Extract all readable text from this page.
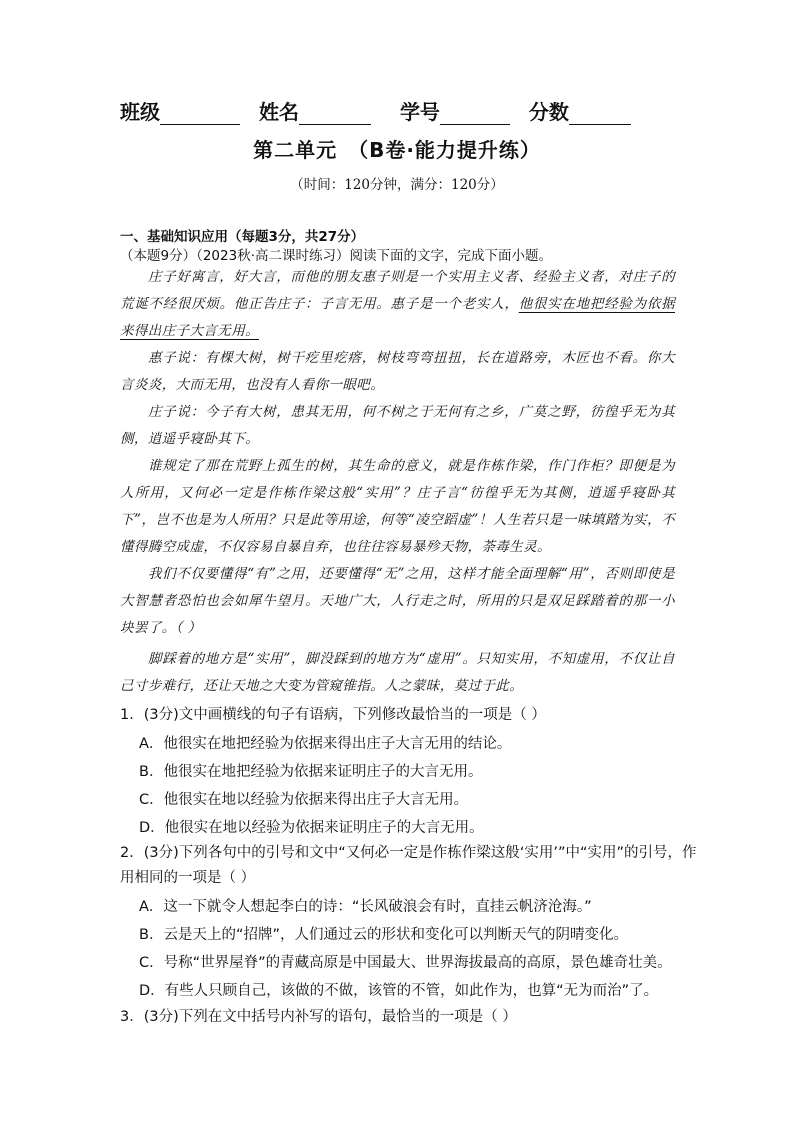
班级	姓名	学号	分数
第二单元　（B卷·能力提升练）
（时间：120分钟，满分：120分）
一、基础知识应用（每题3分，共27分）
（本题9分）（2023秋·高二课时练习）阅读下面的文字，完成下面小题。
庄子好寓言，好大言，而他的朋友惠子则是一个实用主义者、经验主义者，对庄子的荒诞不经很厌烦。他正告庄子：子言无用。惠子是一个老实人，他很实在地把经验为依据来得出庄子大言无用。
惠子说：有棵大树，树干疙里疙瘩，树枝弯弯扭扭，长在道路旁，木匠也不看。你大言炎炎，大而无用，也没有人看你一眼吧。
庄子说：今子有大树，患其无用，何不树之于无何有之乡，广莫之野，彷徨乎无为其侧，逍遥乎寝卧其下。
谁规定了那在荒野上孤生的树，其生命的意义，就是作栋作梁，作门作柜？即便是为人所用，又何必一定是作栋作梁这般“实用”？庄子言“彷徨乎无为其侧，逍遥乎寝卧其下”，岂不也是为人所用？只是此等用途，何等“凌空蹈虚”！人生若只是一味填踏为实，不懂得腾空成虚，不仅容易自暴自弃，也往往容易暴殄天物，荼毒生灵。
我们不仅要懂得“有”之用，还要懂得“无”之用，这样才能全面理解“用”，否则即使是大智慧者恐怕也会如犀牛望月。天地广大，人行走之时，所用的只是双足踩踏着的那一小块罢了。（ ）
脚踩着的地方是“实用”，脚没踩到的地方为“虚用”。只知实用，不知虚用，不仅让自己寸步难行，还让天地之大变为管窥锥指。人之蒙昧，莫过于此。
1．(3分)文中画横线的句子有语病，下列修改最恰当的一项是（ ）
A．他很实在地把经验为依据来得出庄子大言无用的结论。
B．他很实在地把经验为依据来证明庄子的大言无用。
C．他很实在地以经验为依据来得出庄子大言无用。
D．他很实在地以经验为依据来证明庄子的大言无用。
2．(3分)下列各句中的引号和文中“又何必一定是作栋作梁这般‘实用’”中“实用”的引号，作
用相同的一项是（ ）
A．这一下就令人想起李白的诗：“长风破浪会有时，直挂云帆济沧海。”
B．云是天上的“招牌”，人们通过云的形状和变化可以判断天气的阴晴变化。
C．号称“世界屋脊”的青藏高原是中国最大、世界海拔最高的高原，景色雄奇壮美。
D．有些人只顾自己，该做的不做，该管的不管，如此作为，也算“无为而治”了。
3．(3分)下列在文中括号内补写的语句，最恰当的一项是（ ）
